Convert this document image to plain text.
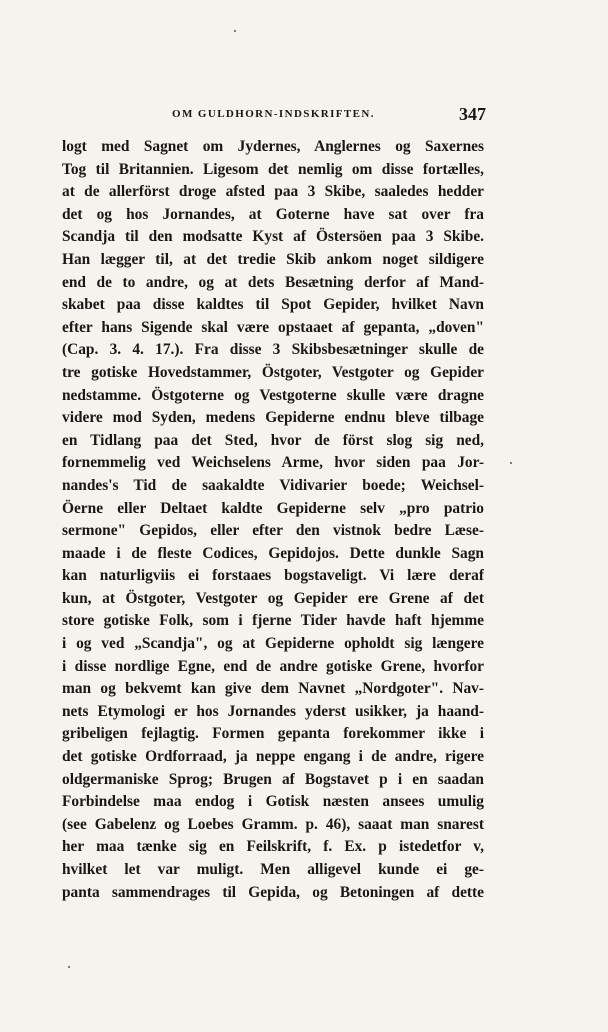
OM GULDHORN-INDSKRIFTEN.	347
logt med Sagnet om Jydernes, Anglernes og Saxernes
Tog til Britannien. Ligesom det nemlig om disse fortælles,
at de allerförst droge afsted paa 3 Skibe, saaledes hedder
det og hos Jornandes, at Goterne have sat over fra
Scandja til den modsatte Kyst af Östersöen paa 3 Skibe.
Han lægger til, at det tredie Skib ankom noget sildigere
end de to andre, og at dets Besætning derfor af Mand-
skabet paa disse kaldtes til Spot Gepider, hvilket Navn
efter hans Sigende skal være opstaaet af gepanta, „doven"
(Cap. 3. 4. 17.). Fra disse 3 Skibsbesætninger skulle de
tre gotiske Hovedstammer, Östgoter, Vestgoter og Gepider
nedstamme. Östgoterne og Vestgoterne skulle være dragne
videre mod Syden, medens Gepiderne endnu bleve tilbage
en Tidlang paa det Sted, hvor de först slog sig ned,
fornemmelig ved Weichselens Arme, hvor siden paa Jor-
nandes's Tid de saakaldte Vidivarier boede; Weichsel-
Öerne eller Deltaet kaldte Gepiderne selv „pro patrio
sermone" Gepidos, eller efter den vistnok bedre Læse-
maade i de fleste Codices, Gepidojos. Dette dunkle Sagn
kan naturligviis ei forstaaes bogstaveligt. Vi lære deraf
kun, at Östgoter, Vestgoter og Gepider ere Grene af det
store gotiske Folk, som i fjerne Tider havde haft hjemme
i og ved „Scandja", og at Gepiderne opholdt sig længere
i disse nordlige Egne, end de andre gotiske Grene, hvorfor
man og bekvemt kan give dem Navnet „Nordgoter". Nav-
nets Etymologi er hos Jornandes yderst usikker, ja haand-
gribeligen fejlagtig. Formen gepanta forekommer ikke i
det gotiske Ordforraad, ja neppe engang i de andre, rigere
oldgermaniske Sprog; Brugen af Bogstavet p i en saadan
Forbindelse maa endog i Gotisk næsten ansees umulig
(see Gabelenz og Loebes Gramm. p. 46), saaat man snarest
her maa tænke sig en Feilskrift, f. Ex. p istedetfor v,
hvilket let var muligt. Men alligevel kunde ei ge-
panta sammendrages til Gepida, og Betoningen af dette
